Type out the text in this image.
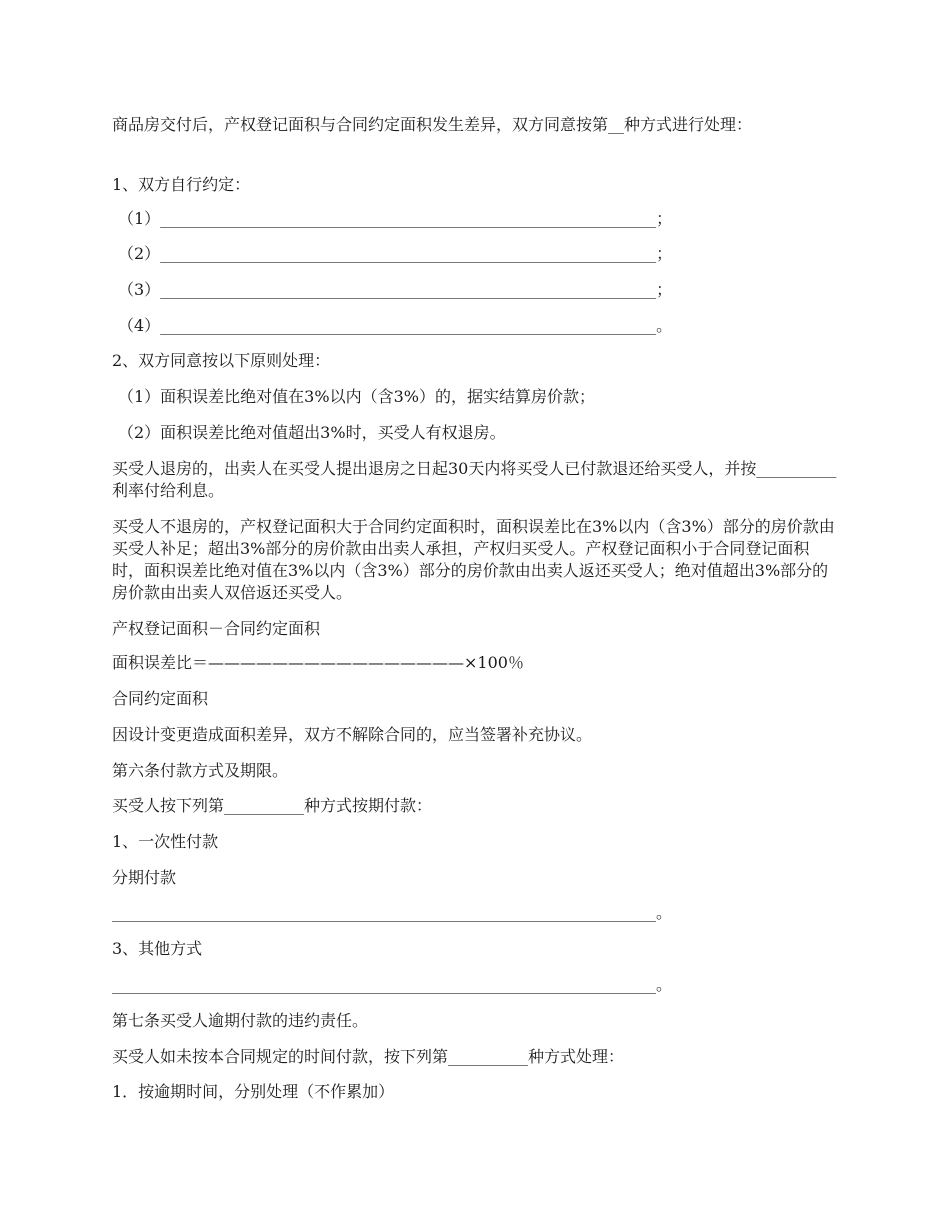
商品房交付后，产权登记面积与合同约定面积发生差异，双方同意按第__种方式进行处理：

1、双方自行约定：

（1）______________________________________________________________；

（2）______________________________________________________________；

（3）______________________________________________________________；

（4）______________________________________________________________。

2、双方同意按以下原则处理：

（1）面积误差比绝对值在3%以内（含3%）的，据实结算房价款；

（2）面积误差比绝对值超出3%时，买受人有权退房。

买受人退房的，出卖人在买受人提出退房之日起30天内将买受人已付款退还给买受人，并按__________利率付给利息。

买受人不退房的，产权登记面积大于合同约定面积时，面积误差比在3%以内（含3%）部分的房价款由买受人补足；超出3%部分的房价款由出卖人承担，产权归买受人。产权登记面积小于合同登记面积时，面积误差比绝对值在3%以内（含3%）部分的房价款由出卖人返还买受人；绝对值超出3%部分的房价款由出卖人双倍返还买受人。

产权登记面积－合同约定面积

面积误差比＝————————————————×100％

合同约定面积

因设计变更造成面积差异，双方不解除合同的，应当签署补充协议。

第六条付款方式及期限。

买受人按下列第__________种方式按期付款：

1、一次性付款

分期付款

____________________________________________________________________。

3、其他方式

____________________________________________________________________。

第七条买受人逾期付款的违约责任。

买受人如未按本合同规定的时间付款，按下列第__________种方式处理：

1．按逾期时间，分别处理（不作累加）
